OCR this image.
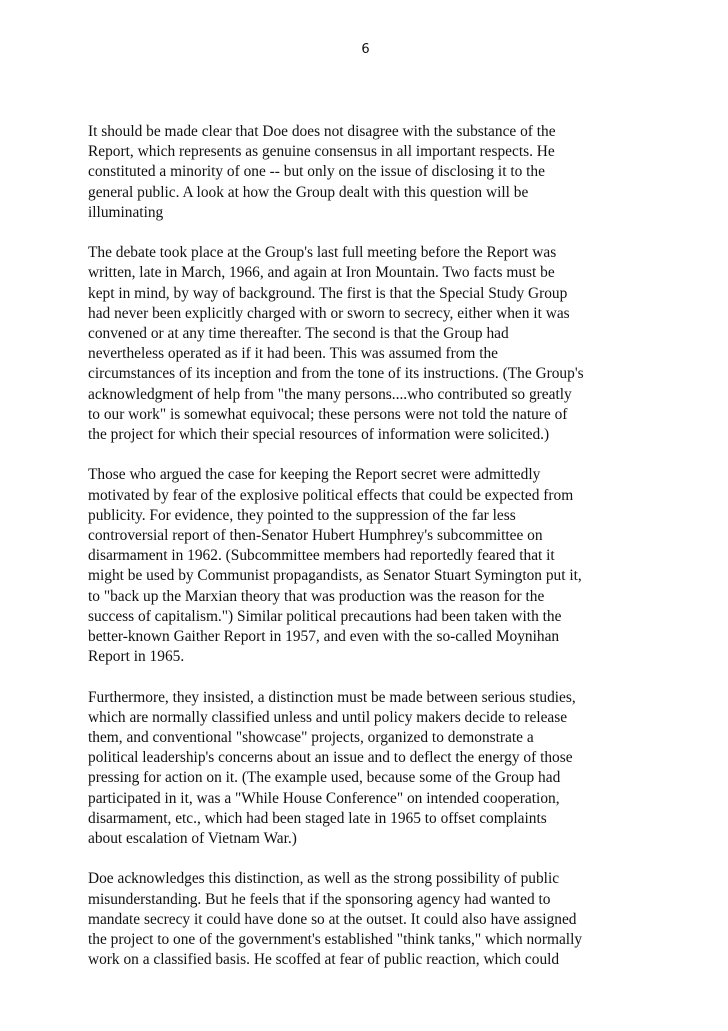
6

It should be made clear that Doe does not disagree with the substance of the
Report, which represents as genuine consensus in all important respects. He
constituted a minority of one -- but only on the issue of disclosing it to the
general public. A look at how the Group dealt with this question will be
illuminating

The debate took place at the Group's last full meeting before the Report was
written, late in March, 1966, and again at Iron Mountain. Two facts must be
kept in mind, by way of background. The first is that the Special Study Group
had never been explicitly charged with or sworn to secrecy, either when it was
convened or at any time thereafter. The second is that the Group had
nevertheless operated as if it had been. This was assumed from the
circumstances of its inception and from the tone of its instructions. (The Group's
acknowledgment of help from "the many persons....who contributed so greatly
to our work" is somewhat equivocal; these persons were not told the nature of
the project for which their special resources of information were solicited.)

Those who argued the case for keeping the Report secret were admittedly
motivated by fear of the explosive political effects that could be expected from
publicity. For evidence, they pointed to the suppression of the far less
controversial report of then-Senator Hubert Humphrey's subcommittee on
disarmament in 1962. (Subcommittee members had reportedly feared that it
might be used by Communist propagandists, as Senator Stuart Symington put it,
to "back up the Marxian theory that was production was the reason for the
success of capitalism.") Similar political precautions had been taken with the
better-known Gaither Report in 1957, and even with the so-called Moynihan
Report in 1965.

Furthermore, they insisted, a distinction must be made between serious studies,
which are normally classified unless and until policy makers decide to release
them, and conventional "showcase" projects, organized to demonstrate a
political leadership's concerns about an issue and to deflect the energy of those
pressing for action on it. (The example used, because some of the Group had
participated in it, was a "While House Conference" on intended cooperation,
disarmament, etc., which had been staged late in 1965 to offset complaints
about escalation of Vietnam War.)

Doe acknowledges this distinction, as well as the strong possibility of public
misunderstanding. But he feels that if the sponsoring agency had wanted to
mandate secrecy it could have done so at the outset. It could also have assigned
the project to one of the government's established "think tanks," which normally
work on a classified basis. He scoffed at fear of public reaction, which could
